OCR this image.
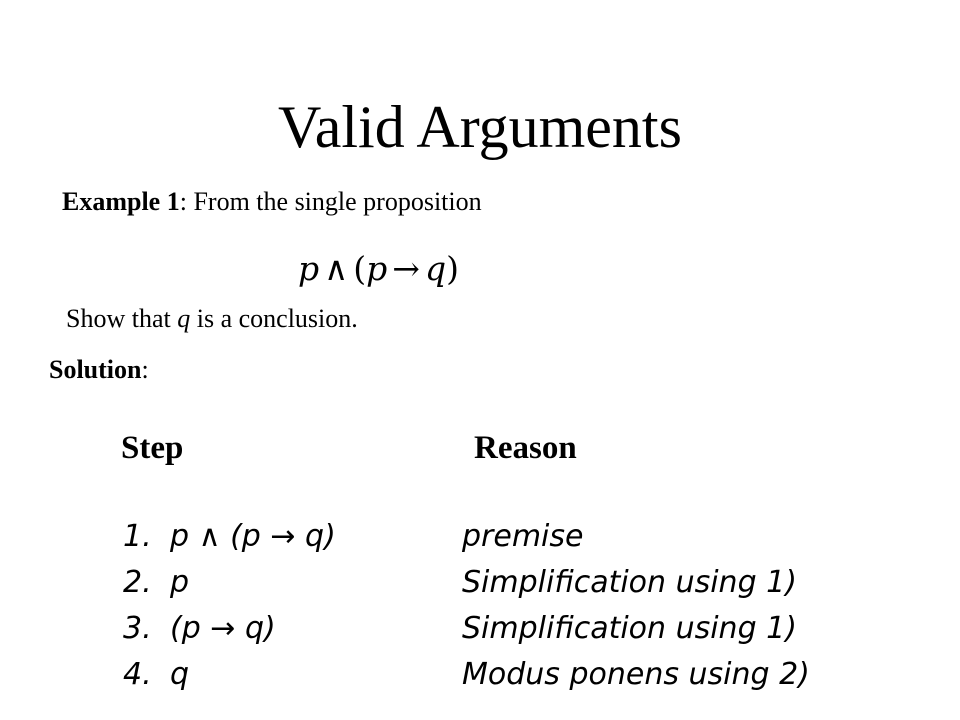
Valid Arguments
Example 1: From the single proposition
p ∧ (p → q)
Show that q is a conclusion.
Solution:
Step	Reason
1. p ∧ (p → q)	premise
2. p	Simplification using 1)
3. (p → q)	Simplification using 1)
4. q	Modus ponens using 2)
